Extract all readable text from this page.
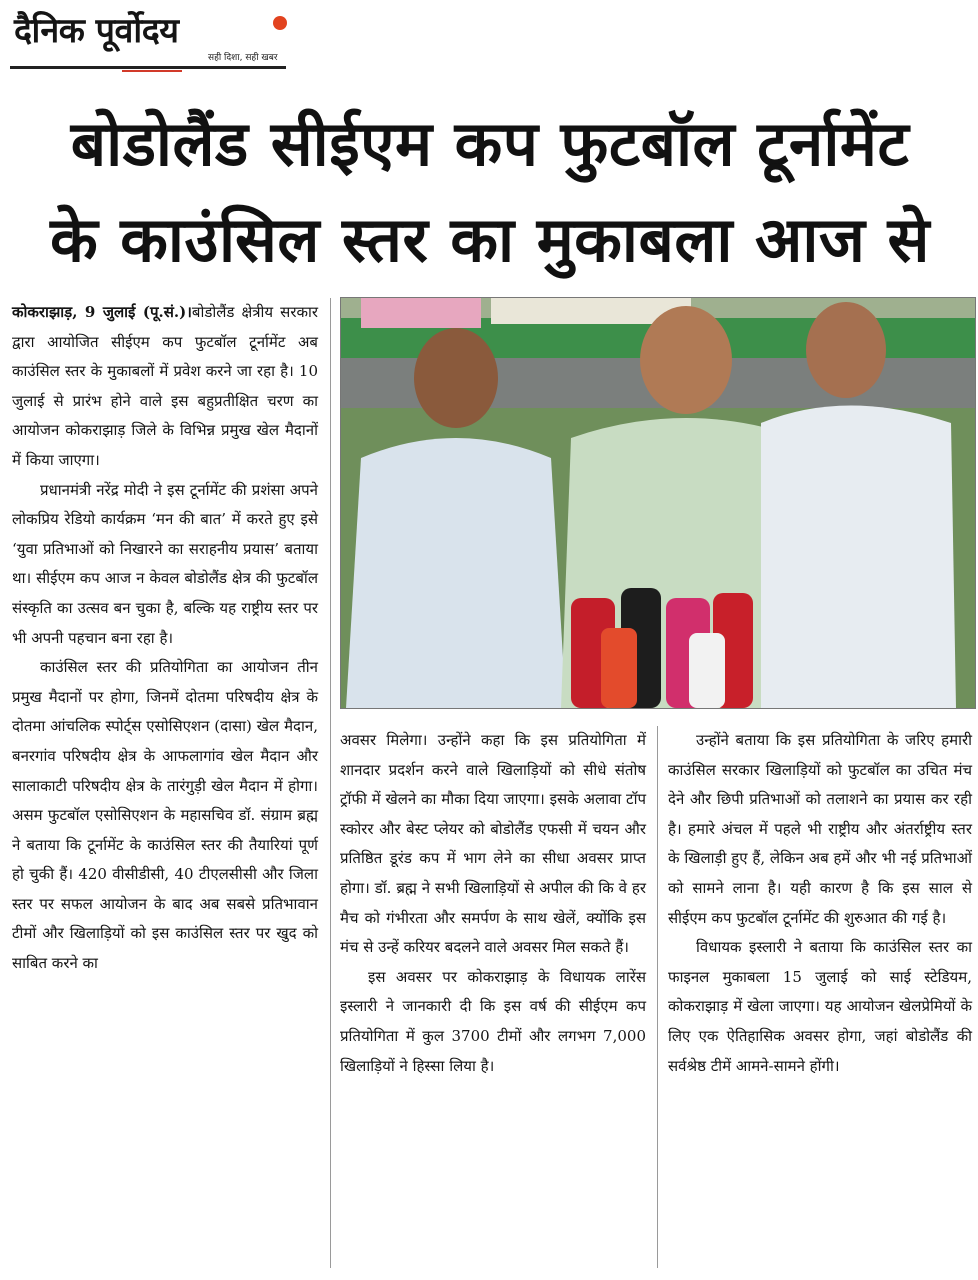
दैनिक पूर्वोदय
सही दिशा, सही खबर
बोडोलैंड सीईएम कप फुटबॉल टूर्नामेंट
के काउंसिल स्तर का मुकाबला आज से

कोकराझाड़, 9 जुलाई (पू.सं.)।बोडोलैंड क्षेत्रीय सरकार द्वारा आयोजित सीईएम कप फुटबॉल टूर्नामेंट अब काउंसिल स्तर के मुकाबलों में प्रवेश करने जा रहा है। 10 जुलाई से प्रारंभ होने वाले इस बहुप्रतीक्षित चरण का आयोजन कोकराझाड़ जिले के विभिन्न प्रमुख खेल मैदानों में किया जाएगा।

प्रधानमंत्री नरेंद्र मोदी ने इस टूर्नामेंट की प्रशंसा अपने लोकप्रिय रेडियो कार्यक्रम ‘मन की बात’ में करते हुए इसे ‘युवा प्रतिभाओं को निखारने का सराहनीय प्रयास’ बताया था। सीईएम कप आज न केवल बोडोलैंड क्षेत्र की फुटबॉल संस्कृति का उत्सव बन चुका है, बल्कि यह राष्ट्रीय स्तर पर भी अपनी पहचान बना रहा है।

काउंसिल स्तर की प्रतियोगिता का आयोजन तीन प्रमुख मैदानों पर होगा, जिनमें दोतमा परिषदीय क्षेत्र के दोतमा आंचलिक स्पोर्ट्स एसोसिएशन (दासा) खेल मैदान, बनरगांव परिषदीय क्षेत्र के आफलागांव खेल मैदान और सालाकाटी परिषदीय क्षेत्र के तारंगुड़ी खेल मैदान में होगा। असम फुटबॉल एसोसिएशन के महासचिव डॉ. संग्राम ब्रह्म ने बताया कि टूर्नामेंट के काउंसिल स्तर की तैयारियां पूर्ण हो चुकी हैं। 420 वीसीडीसी, 40 टीएलसीसी और जिला स्तर पर सफल आयोजन के बाद अब सबसे प्रतिभावान टीमों और खिलाड़ियों को इस काउंसिल स्तर पर खुद को साबित करने का

अवसर मिलेगा। उन्होंने कहा कि इस प्रतियोगिता में शानदार प्रदर्शन करने वाले खिलाड़ियों को सीधे संतोष ट्रॉफी में खेलने का मौका दिया जाएगा। इसके अलावा टॉप स्कोरर और बेस्ट प्लेयर को बोडोलैंड एफसी में चयन और प्रतिष्ठित डूरंड कप में भाग लेने का सीधा अवसर प्राप्त होगा। डॉ. ब्रह्म ने सभी खिलाड़ियों से अपील की कि वे हर मैच को गंभीरता और समर्पण के साथ खेलें, क्योंकि इस मंच से उन्हें करियर बदलने वाले अवसर मिल सकते हैं।

इस अवसर पर कोकराझाड़ के विधायक लारेंस इस्लारी ने जानकारी दी कि इस वर्ष की सीईएम कप प्रतियोगिता में कुल 3700 टीमों और लगभग 7,000 खिलाड़ियों ने हिस्सा लिया है।

उन्होंने बताया कि इस प्रतियोगिता के जरिए हमारी काउंसिल सरकार खिलाड़ियों को फुटबॉल का उचित मंच देने और छिपी प्रतिभाओं को तलाशने का प्रयास कर रही है। हमारे अंचल में पहले भी राष्ट्रीय और अंतर्राष्ट्रीय स्तर के खिलाड़ी हुए हैं, लेकिन अब हमें और भी नई प्रतिभाओं को सामने लाना है। यही कारण है कि इस साल से सीईएम कप फुटबॉल टूर्नामेंट की शुरुआत की गई है।

विधायक इस्लारी ने बताया कि काउंसिल स्तर का फाइनल मुकाबला 15 जुलाई को साई स्टेडियम, कोकराझाड़ में खेला जाएगा। यह आयोजन खेलप्रेमियों के लिए एक ऐतिहासिक अवसर होगा, जहां बोडोलैंड की सर्वश्रेष्ठ टीमें आमने-सामने होंगी।
